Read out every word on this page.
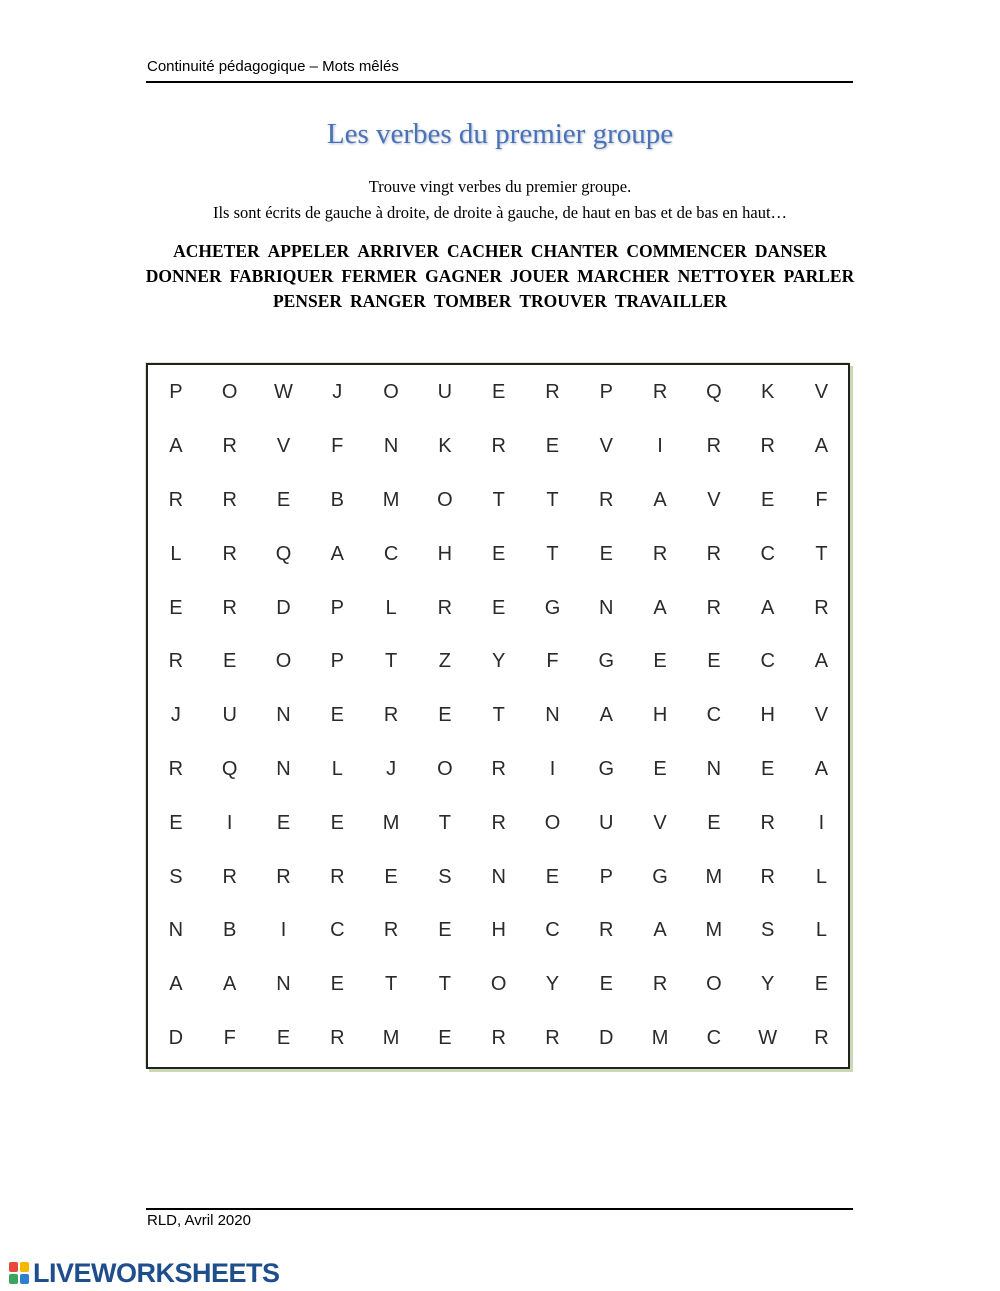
Continuité pédagogique – Mots mêlés
Les verbes du premier groupe
Trouve vingt verbes du premier groupe.
Ils sont écrits de gauche à droite, de droite à gauche, de haut en bas et de bas en haut…
ACHETER APPELER ARRIVER CACHER CHANTER COMMENCER DANSER
DONNER FABRIQUER FERMER GAGNER JOUER MARCHER NETTOYER PARLER
PENSER RANGER TOMBER TROUVER TRAVAILLER
P	O	W	J	O	U	E	R	P	R	Q	K	V
A	R	V	F	N	K	R	E	V	I	R	R	A
R	R	E	B	M	O	T	T	R	A	V	E	F
L	R	Q	A	C	H	E	T	E	R	R	C	T
E	R	D	P	L	R	E	G	N	A	R	A	R
R	E	O	P	T	Z	Y	F	G	E	E	C	A
J	U	N	E	R	E	T	N	A	H	C	H	V
R	Q	N	L	J	O	R	I	G	E	N	E	A
E	I	E	E	M	T	R	O	U	V	E	R	I
S	R	R	R	E	S	N	E	P	G	M	R	L
N	B	I	C	R	E	H	C	R	A	M	S	L
A	A	N	E	T	T	O	Y	E	R	O	Y	E
D	F	E	R	M	E	R	R	D	M	C	W	R
RLD, Avril 2020
LIVEWORKSHEETS
